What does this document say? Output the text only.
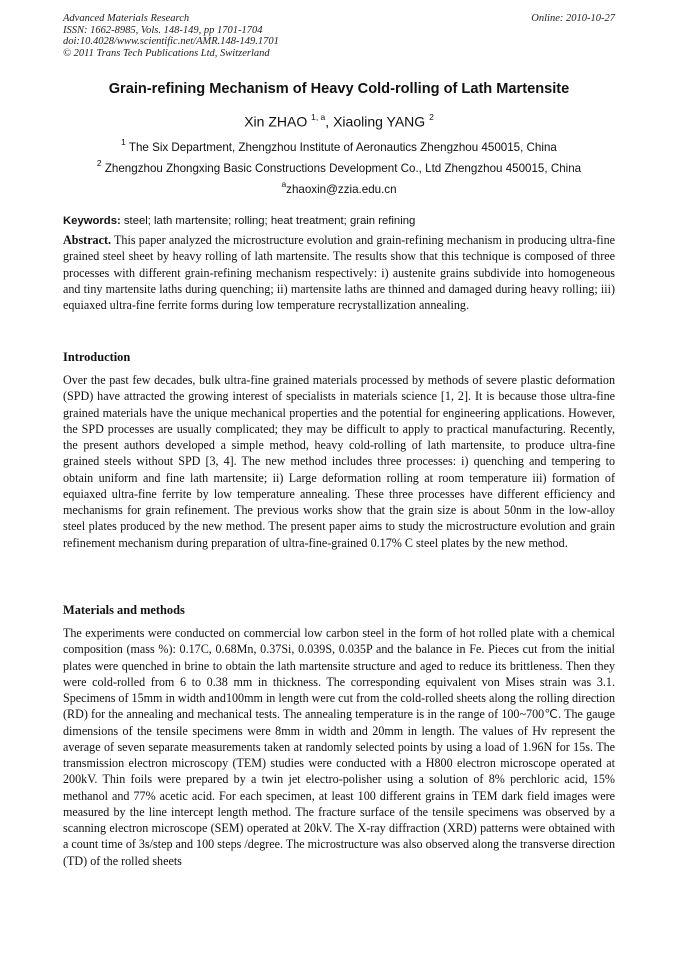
Advanced Materials Research
ISSN: 1662-8985, Vols. 148-149, pp 1701-1704
doi:10.4028/www.scientific.net/AMR.148-149.1701
© 2011 Trans Tech Publications Ltd, Switzerland
Online: 2010-10-27
Grain-refining Mechanism of Heavy Cold-rolling of Lath Martensite
Xin ZHAO $^{1, a}$, Xiaoling YANG $^2$
$^1$ The Six Department, Zhengzhou Institute of Aeronautics Zhengzhou 450015, China
$^2$ Zhengzhou Zhongxing Basic Constructions Development Co., Ltd Zhengzhou 450015, China
$^a$zhaoxin@zzia.edu.cn
Keywords: steel; lath martensite; rolling; heat treatment; grain refining

Abstract. This paper analyzed the microstructure evolution and grain-refining mechanism in producing ultra-fine grained steel sheet by heavy rolling of lath martensite. The results show that this technique is composed of three processes with different grain-refining mechanism respectively: i) austenite grains subdivide into homogeneous and tiny martensite laths during quenching; ii) martensite laths are thinned and damaged during heavy rolling; iii) equiaxed ultra-fine ferrite forms during low temperature recrystallization annealing.

Introduction

Over the past few decades, bulk ultra-fine grained materials processed by methods of severe plastic deformation (SPD) have attracted the growing interest of specialists in materials science [1, 2]. It is because those ultra-fine grained materials have the unique mechanical properties and the potential for engineering applications. However, the SPD processes are usually complicated; they may be difficult to apply to practical manufacturing. Recently, the present authors developed a simple method, heavy cold-rolling of lath martensite, to produce ultra-fine grained steels without SPD [3, 4]. The new method includes three processes: i) quenching and tempering to obtain uniform and fine lath martensite; ii) Large deformation rolling at room temperature iii) formation of equiaxed ultra-fine ferrite by low temperature annealing. These three processes have different efficiency and mechanisms for grain refinement. The previous works show that the grain size is about 50nm in the low-alloy steel plates produced by the new method. The present paper aims to study the microstructure evolution and grain refinement mechanism during preparation of ultra-fine-grained 0.17% C steel plates by the new method.

Materials and methods

The experiments were conducted on commercial low carbon steel in the form of hot rolled plate with a chemical composition (mass %): 0.17C, 0.68Mn, 0.37Si, 0.039S, 0.035P and the balance in Fe. Pieces cut from the initial plates were quenched in brine to obtain the lath martensite structure and aged to reduce its brittleness. Then they were cold-rolled from 6 to 0.38 mm in thickness. The corresponding equivalent von Mises strain was 3.1. Specimens of 15mm in width and100mm in length were cut from the cold-rolled sheets along the rolling direction (RD) for the annealing and mechanical tests. The annealing temperature is in the range of 100~700℃. The gauge dimensions of the tensile specimens were 8mm in width and 20mm in length. The values of Hv represent the average of seven separate measurements taken at randomly selected points by using a load of 1.96N for 15s. The transmission electron microscopy (TEM) studies were conducted with a H800 electron microscope operated at 200kV. Thin foils were prepared by a twin jet electro-polisher using a solution of 8% perchloric acid, 15% methanol and 77% acetic acid. For each specimen, at least 100 different grains in TEM dark field images were measured by the line intercept length method. The fracture surface of the tensile specimens was observed by a scanning electron microscope (SEM) operated at 20kV. The X-ray diffraction (XRD) patterns were obtained with a count time of 3s/step and 100 steps /degree. The microstructure was also observed along the transverse direction (TD) of the rolled sheets
